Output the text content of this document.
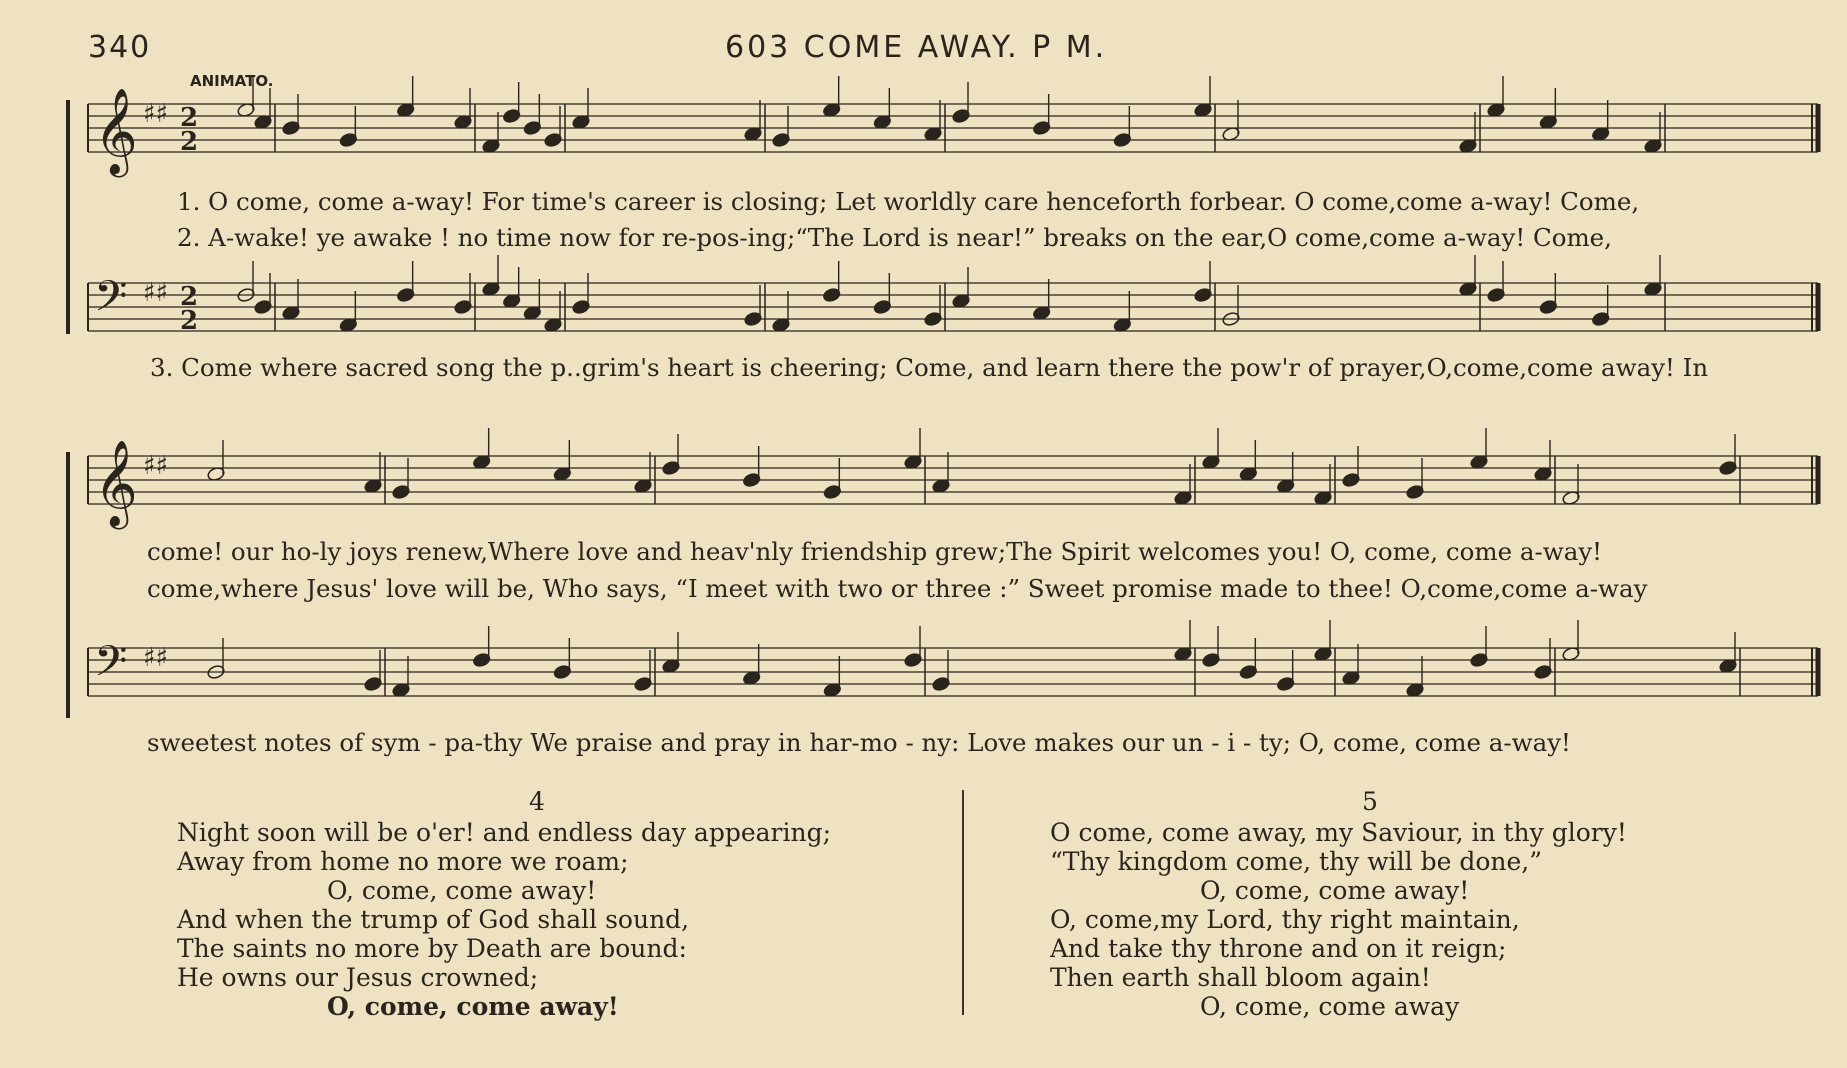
340	603 COME AWAY. P M.
ANIMATO.
𝄞 ♯♯ 2
2
𝄢 ♯♯ 2
2
𝄞 ♯♯
𝄢 ♯♯
1. O come, come a-way! For time's career is closing; Let worldly care henceforth forbear. O come,come a-way! Come,
2. A-wake! ye awake ! no time now for re-pos-ing;“The Lord is near!” breaks on the ear,O come,come a-way! Come,
3. Come where sacred song the p..grim's heart is cheering; Come, and learn there the pow'r of prayer,O,come,come away! In
come! our ho-ly joys renew,Where love and heav'nly friendship grew;The Spirit welcomes you! O, come, come a-way!
come,where Jesus' love will be, Who says, “I meet with two or three :” Sweet promise made to thee! O,come,come a-way
sweetest notes of sym - pa-thy We praise and pray in har-mo - ny: Love makes our un - i - ty; O, come, come a-way!
4
Night soon will be o'er! and endless day appearing;
Away from home no more we roam;
O, come, come away!
And when the trump of God shall sound,
The saints no more by Death are bound:
He owns our Jesus crowned;
O, come, come away!
5
O come, come away, my Saviour, in thy glory!
“Thy kingdom come, thy will be done,”
O, come, come away!
O, come,my Lord, thy right maintain,
And take thy throne and on it reign;
Then earth shall bloom again!
O, come, come away
